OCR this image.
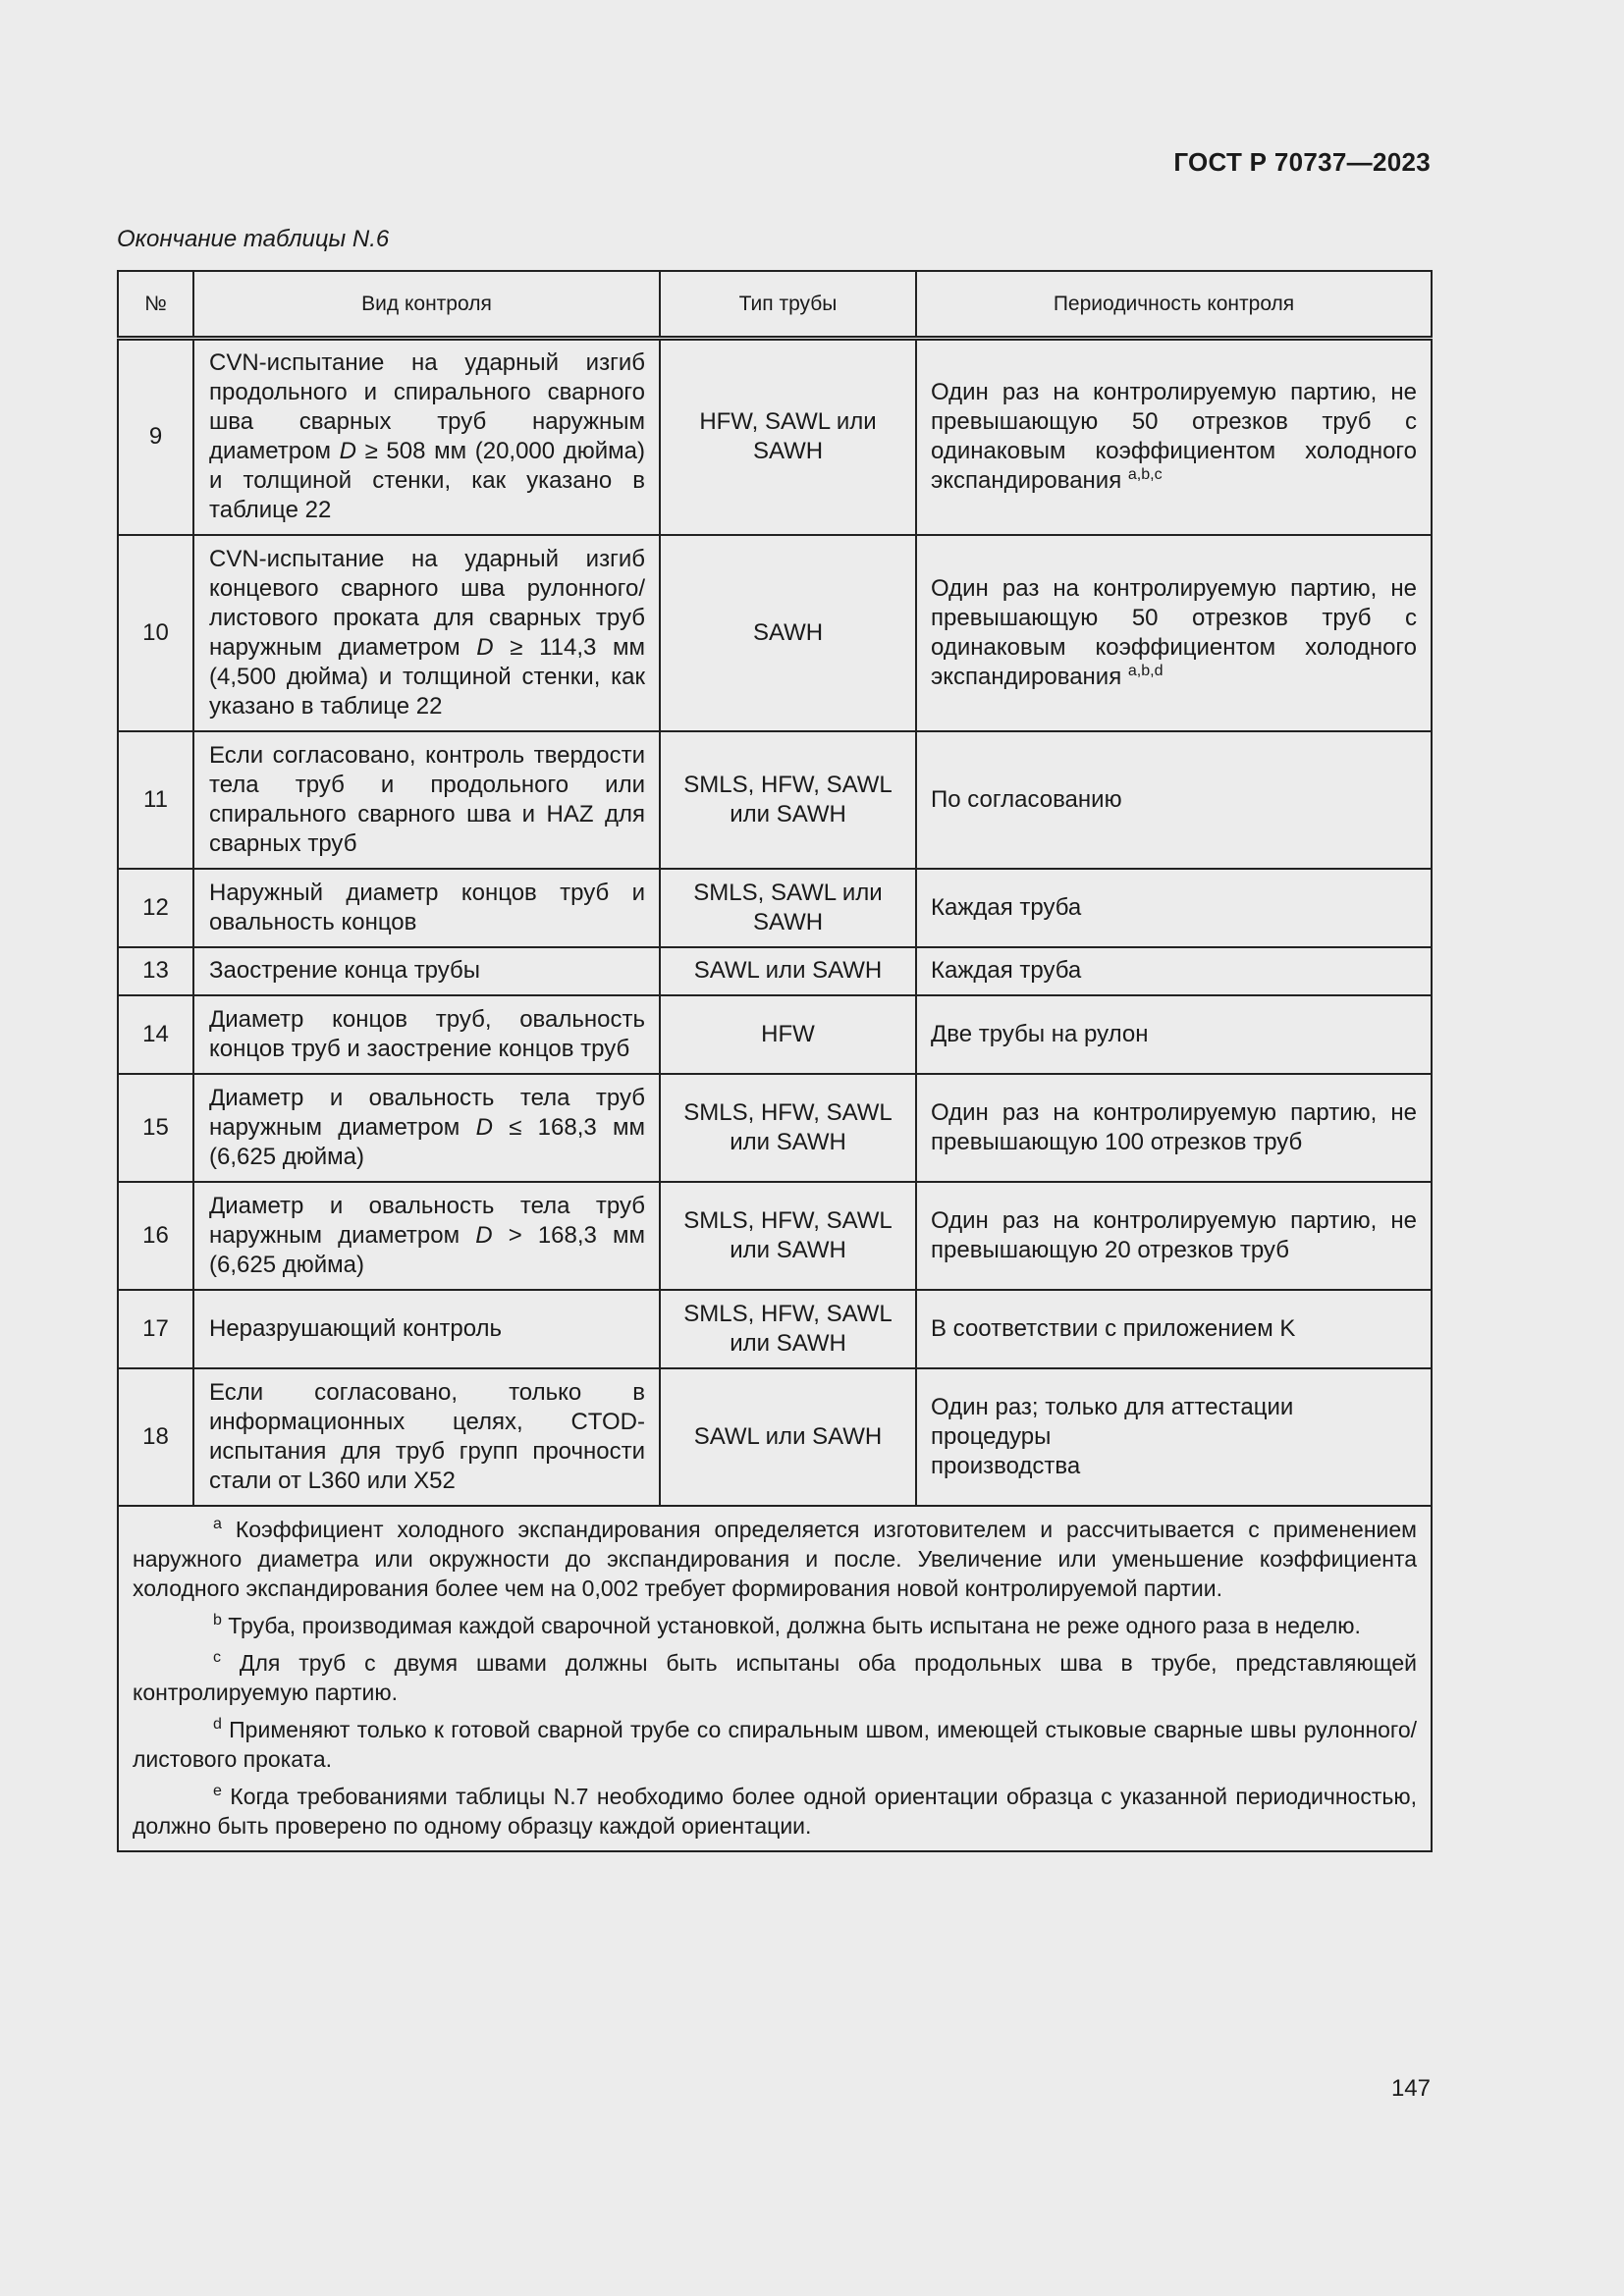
ГОСТ Р 70737—2023
Окончание таблицы N.6
№	Вид контроля	Тип трубы	Периодичность контроля
9	CVN-испытание на ударный изгиб продольного и спирального сварного шва сварных труб наружным диаметром D ≥ 508 мм (20,000 дюйма) и толщиной стенки, как указано в таблице 22	HFW, SAWL или SAWH	Один раз на контролируемую партию, не превышающую 50 отрезков труб с одинаковым коэффициентом холодного экспандирования $^{a,b,c}$
10	CVN-испытание на ударный изгиб концевого сварного шва рулонного/листового проката для сварных труб наружным диаметром D ≥ 114,3 мм (4,500 дюйма) и толщиной стенки, как указано в таблице 22	SAWH	Один раз на контролируемую партию, не превышающую 50 отрезков труб с одинаковым коэффициентом холодного экспандирования $^{a,b,d}$
11	Если согласовано, контроль твердости тела труб и продольного или спирального сварного шва и HAZ для сварных труб	SMLS, HFW, SAWL или SAWH	По согласованию
12	Наружный диаметр концов труб и овальность концов	SMLS, SAWL или SAWH	Каждая труба
13	Заострение конца трубы	SAWL или SAWH	Каждая труба
14	Диаметр концов труб, овальность концов труб и заострение концов труб	HFW	Две трубы на рулон
15	Диаметр и овальность тела труб наружным диаметром D ≤ 168,3 мм (6,625 дюйма)	SMLS, HFW, SAWL или SAWH	Один раз на контролируемую партию, не превышающую 100 отрезков труб
16	Диаметр и овальность тела труб наружным диаметром D > 168,3 мм (6,625 дюйма)	SMLS, HFW, SAWL или SAWH	Один раз на контролируемую партию, не превышающую 20 отрезков труб
17	Неразрушающий контроль	SMLS, HFW, SAWL или SAWH	В соответствии с приложением K
18	Если согласовано, только в информационных целях, CTOD-испытания для труб групп прочности стали от L360 или X52	SAWL или SAWH	Один раз; только для аттестации процедуры
производства

$^a$ Коэффициент холодного экспандирования определяется изготовителем и рассчитывается с применением наружного диаметра или окружности до экспандирования и после. Увеличение или уменьшение коэффициента холодного экспандирования более чем на 0,002 требует формирования новой контролируемой партии.

$^b$ Труба, производимая каждой сварочной установкой, должна быть испытана не реже одного раза в неделю.

$^c$ Для труб с двумя швами должны быть испытаны оба продольных шва в трубе, представляющей контролируемую партию.

$^d$ Применяют только к готовой сварной трубе со спиральным швом, имеющей стыковые сварные швы рулонного/листового проката.

$^e$ Когда требованиями таблицы N.7 необходимо более одной ориентации образца с указанной периодичностью, должно быть проверено по одному образцу каждой ориентации.			

147
